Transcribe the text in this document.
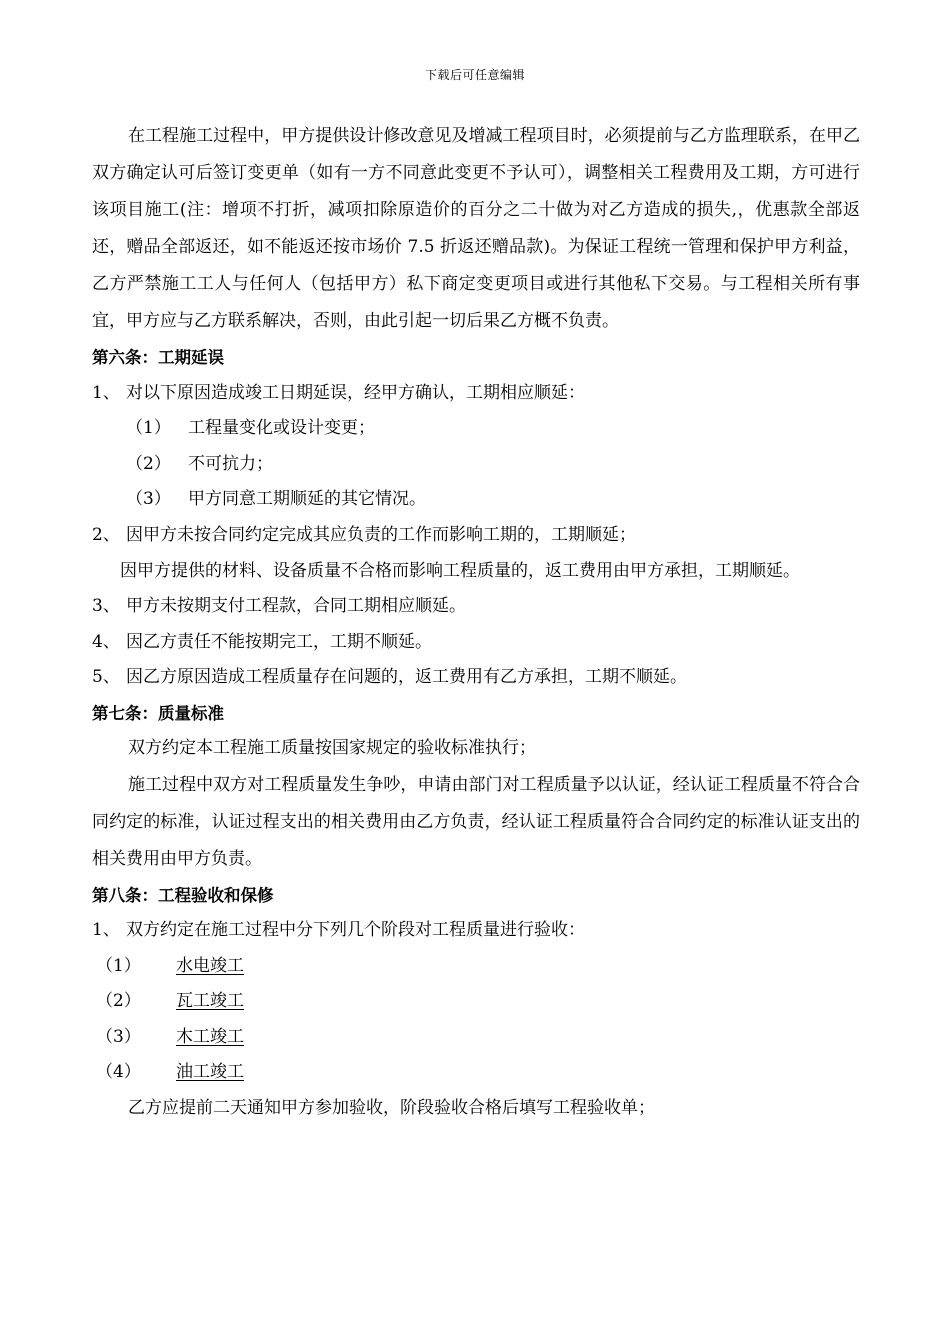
下载后可任意编辑

在工程施工过程中，甲方提供设计修改意见及增减工程项目时，必须提前与乙方监理联系，在甲乙双方确定认可后签订变更单（如有一方不同意此变更不予认可），调整相关工程费用及工期，方可进行该项目施工(注：增项不打折，减项扣除原造价的百分之二十做为对乙方造成的损失,，优惠款全部返还，赠品全部返还，如不能返还按市场价 7.5 折返还赠品款)。为保证工程统一管理和保护甲方利益，乙方严禁施工工人与任何人（包括甲方）私下商定变更项目或进行其他私下交易。与工程相关所有事宜，甲方应与乙方联系解决，否则，由此引起一切后果乙方概不负责。

第六条：工期延误
1、 对以下原因造成竣工日期延误，经甲方确认，工期相应顺延：
（1） 工程量变化或设计变更；
（2） 不可抗力；
（3） 甲方同意工期顺延的其它情况。
2、 因甲方未按合同约定完成其应负责的工作而影响工期的，工期顺延；

因甲方提供的材料、设备质量不合格而影响工程质量的，返工费用由甲方承担，工期顺延。

3、 甲方未按期支付工程款，合同工期相应顺延。
4、 因乙方责任不能按期完工，工期不顺延。
5、 因乙方原因造成工程质量存在问题的，返工费用有乙方承担，工期不顺延。
第七条：质量标准
双方约定本工程施工质量按国家规定的验收标准执行；

施工过程中双方对工程质量发生争吵，申请由部门对工程质量予以认证，经认证工程质量不符合合同约定的标准，认证过程支出的相关费用由乙方负责，经认证工程质量符合合同约定的标准认证支出的相关费用由甲方负责。

第八条：工程验收和保修
1、 双方约定在施工过程中分下列几个阶段对工程质量进行验收：
（1） 水电竣工
（2） 瓦工竣工
（3） 木工竣工
（4） 油工竣工
乙方应提前二天通知甲方参加验收，阶段验收合格后填写工程验收单；
